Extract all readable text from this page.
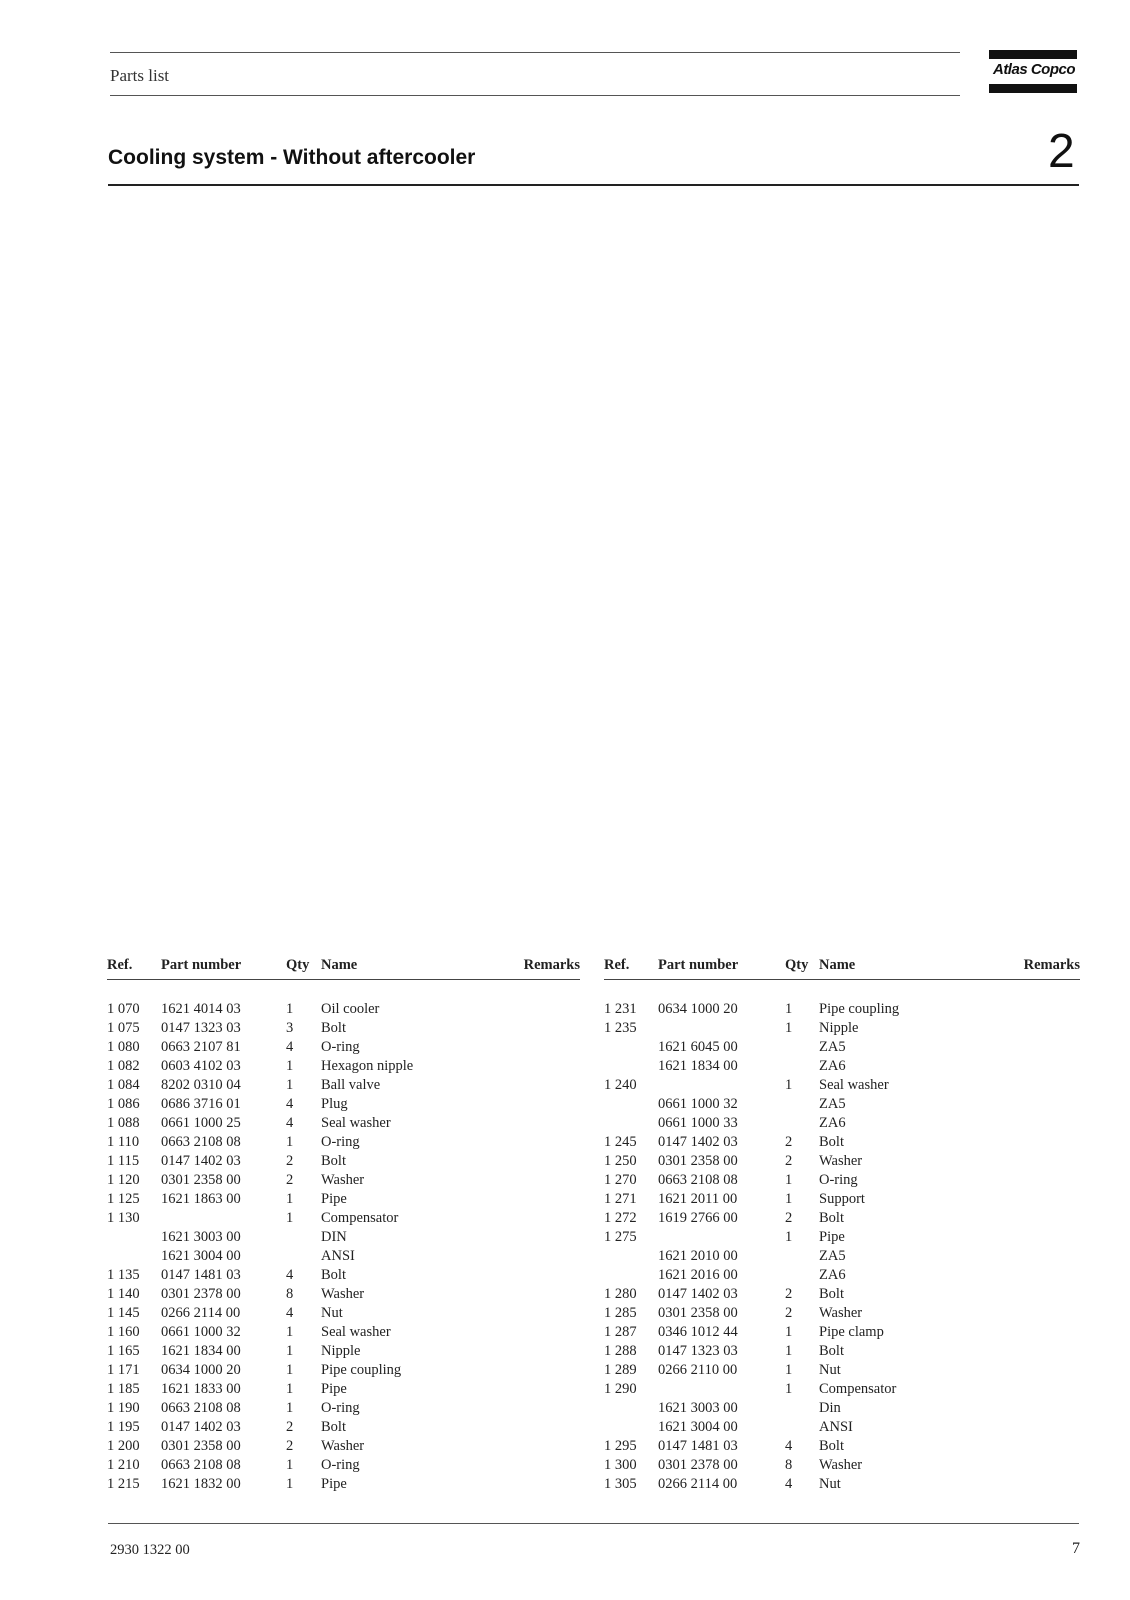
Parts list	Atlas Copco
Cooling system - Without aftercooler	2
Ref.	Part number	Qty	Name	Remarks
1 070	1621 4014 03	1	Oil cooler	
1 075	0147 1323 03	3	Bolt	
1 080	0663 2107 81	4	O-ring	
1 082	0603 4102 03	1	Hexagon nipple	
1 084	8202 0310 04	1	Ball valve	
1 086	0686 3716 01	4	Plug	
1 088	0661 1000 25	4	Seal washer	
1 110	0663 2108 08	1	O-ring	
1 115	0147 1402 03	2	Bolt	
1 120	0301 2358 00	2	Washer	
1 125	1621 1863 00	1	Pipe	
1 130		1	Compensator	
	1621 3003 00		DIN	
	1621 3004 00		ANSI	
1 135	0147 1481 03	4	Bolt	
1 140	0301 2378 00	8	Washer	
1 145	0266 2114 00	4	Nut	
1 160	0661 1000 32	1	Seal washer	
1 165	1621 1834 00	1	Nipple	
1 171	0634 1000 20	1	Pipe coupling	
1 185	1621 1833 00	1	Pipe	
1 190	0663 2108 08	1	O-ring	
1 195	0147 1402 03	2	Bolt	
1 200	0301 2358 00	2	Washer	
1 210	0663 2108 08	1	O-ring	
1 215	1621 1832 00	1	Pipe	
Ref.	Part number	Qty	Name	Remarks
1 231	0634 1000 20	1	Pipe coupling	
1 235		1	Nipple	
	1621 6045 00		ZA5	
	1621 1834 00		ZA6	
1 240		1	Seal washer	
	0661 1000 32		ZA5	
	0661 1000 33		ZA6	
1 245	0147 1402 03	2	Bolt	
1 250	0301 2358 00	2	Washer	
1 270	0663 2108 08	1	O-ring	
1 271	1621 2011 00	1	Support	
1 272	1619 2766 00	2	Bolt	
1 275		1	Pipe	
	1621 2010 00		ZA5	
	1621 2016 00		ZA6	
1 280	0147 1402 03	2	Bolt	
1 285	0301 2358 00	2	Washer	
1 287	0346 1012 44	1	Pipe clamp	
1 288	0147 1323 03	1	Bolt	
1 289	0266 2110 00	1	Nut	
1 290		1	Compensator	
	1621 3003 00		Din	
	1621 3004 00		ANSI	
1 295	0147 1481 03	4	Bolt	
1 300	0301 2378 00	8	Washer	
1 305	0266 2114 00	4	Nut	
2930 1322 00	7
